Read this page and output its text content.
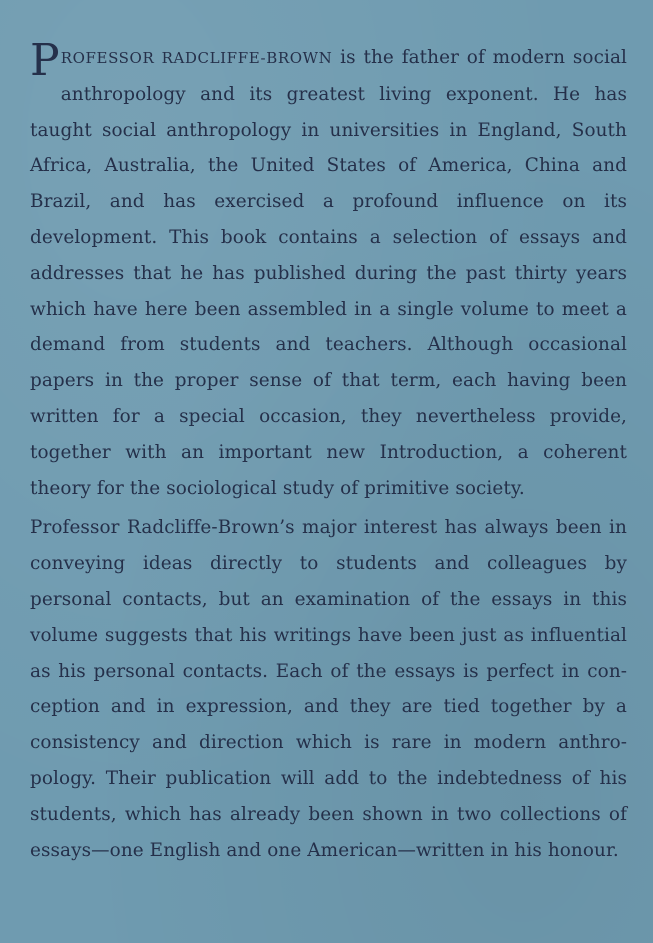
PROFESSOR RADCLIFFE-BROWN is the father of modern social anthropology and its greatest living exponent. He has taught social anthropology in universities in England, South Africa, Australia, the United States of America, China and Brazil, and has exercised a profound influence on its development. This book contains a selection of essays and addresses that he has published during the past thirty years which have here been assembled in a single volume to meet a demand from students and teachers. Although occasional papers in the proper sense of that term, each having been written for a special occasion, they nevertheless provide, together with an important new Introduction, a coherent theory for the sociological study of primitive society.

Professor Radcliffe-Brown’s major interest has always been in conveying ideas directly to students and colleagues by personal contacts, but an examination of the essays in this volume suggests that his writings have been just as influential as his personal contacts. Each of the essays is perfect in conception and in expression, and they are tied together by a consistency and direction which is rare in modern anthropology. Their publication will add to the indebtedness of his students, which has already been shown in two collections of essays—one English and one American—written in his honour.
